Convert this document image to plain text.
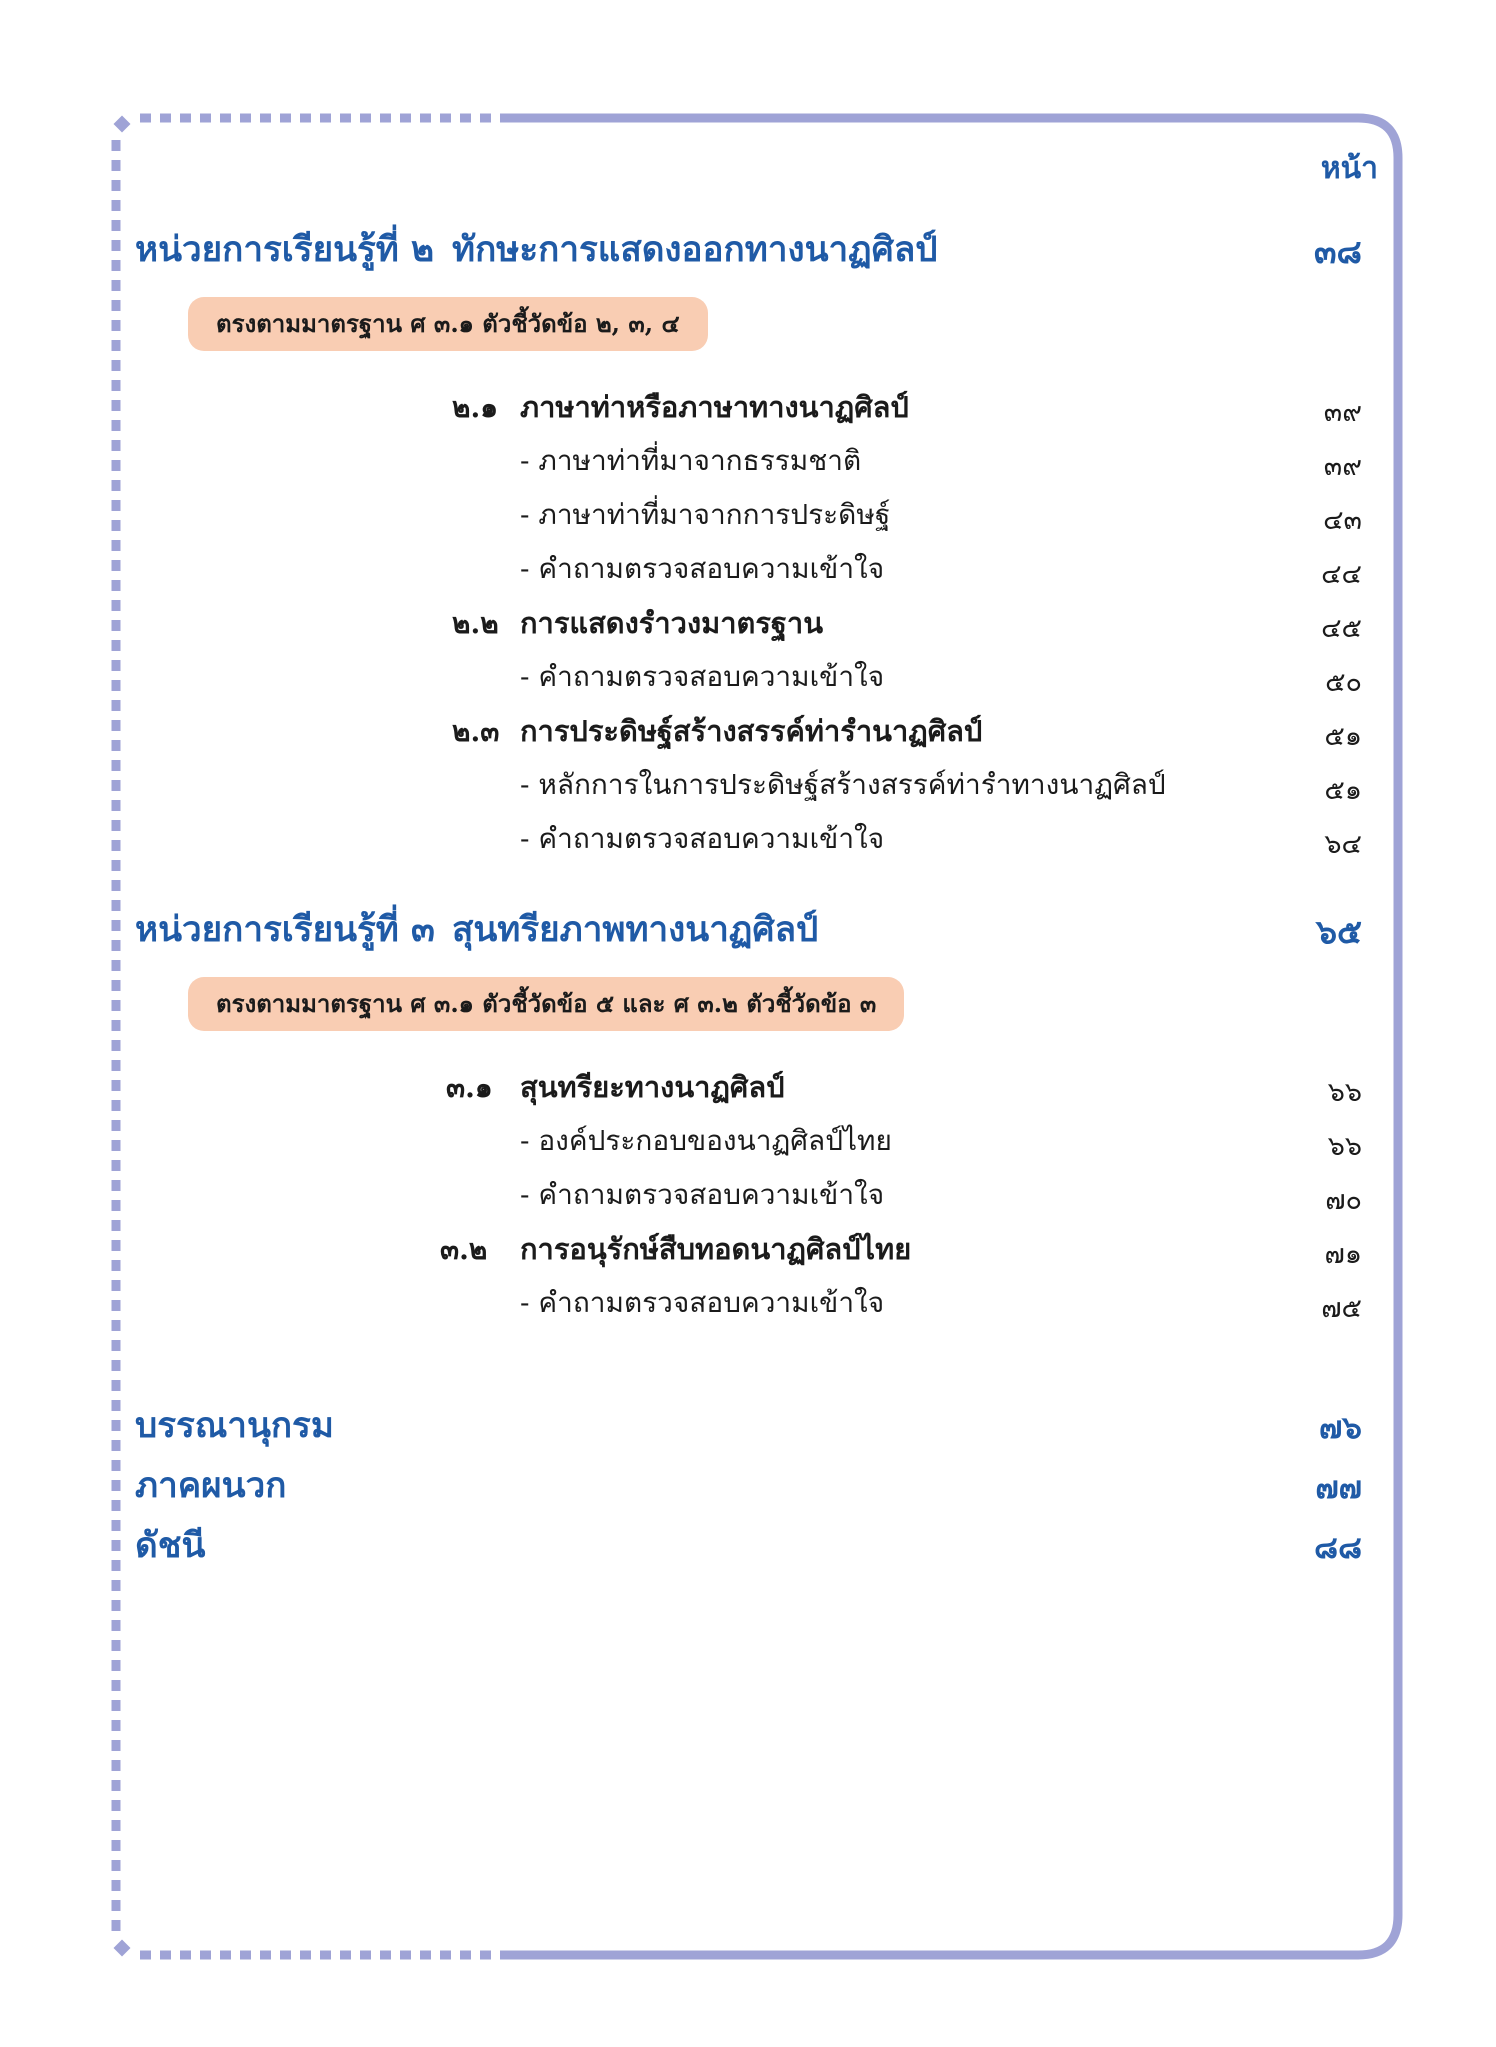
หน้า
หน่วยการเรียนรู้ที่ ๒ ทักษะการแสดงออกทางนาฏศิลป์	๓๘
ตรงตามมาตรฐาน ศ ๓.๑ ตัวชี้วัดข้อ ๒, ๓, ๔
๒.๑ ภาษาท่าหรือภาษาทางนาฏศิลป์	๓๙
- ภาษาท่าที่มาจากธรรมชาติ	๓๙
- ภาษาท่าที่มาจากการประดิษฐ์	๔๓
- คำถามตรวจสอบความเข้าใจ	๔๔
๒.๒ การแสดงรำวงมาตรฐาน	๔๕
- คำถามตรวจสอบความเข้าใจ	๕๐
๒.๓ การประดิษฐ์สร้างสรรค์ท่ารำนาฏศิลป์	๕๑
- หลักการในการประดิษฐ์สร้างสรรค์ท่ารำทางนาฏศิลป์	๕๑
- คำถามตรวจสอบความเข้าใจ	๖๔
หน่วยการเรียนรู้ที่ ๓ สุนทรียภาพทางนาฏศิลป์	๖๕
ตรงตามมาตรฐาน ศ ๓.๑ ตัวชี้วัดข้อ ๕ และ ศ ๓.๒ ตัวชี้วัดข้อ ๓
๓.๑ สุนทรียะทางนาฏศิลป์	๖๖
- องค์ประกอบของนาฏศิลป์ไทย	๖๖
- คำถามตรวจสอบความเข้าใจ	๗๐
๓.๒ การอนุรักษ์สืบทอดนาฏศิลป์ไทย	๗๑
- คำถามตรวจสอบความเข้าใจ	๗๕
บรรณานุกรม	๗๖
ภาคผนวก	๗๗
ดัชนี	๘๘
